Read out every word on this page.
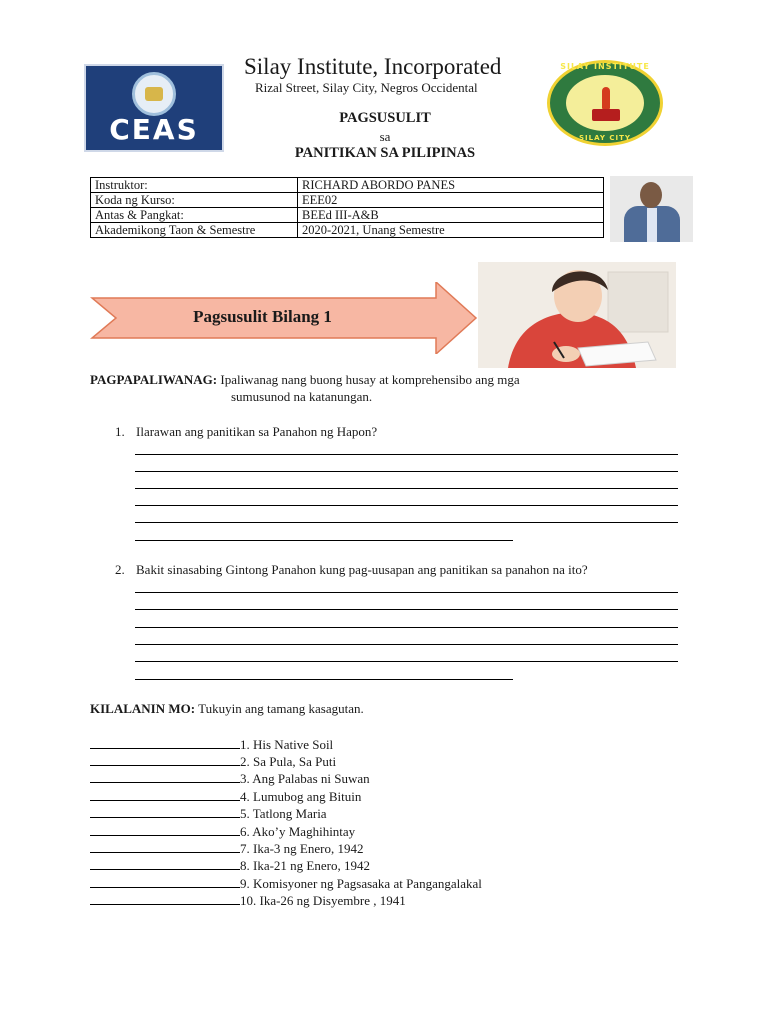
CEAS
Silay Institute, Incorporated
Rizal Street, Silay City, Negros Occidental
PAGSUSULIT
sa
PANITIKAN SA PILIPINAS
SILAY INSTITUTE
SILAY CITY
Instruktor:	RICHARD ABORDO PANES
Koda ng Kurso:	EEE02
Antas & Pangkat:	BEEd III-A&B
Akademikong Taon & Semestre	2020-2021, Unang Semestre
Pagsusulit Bilang 1
PAGPAPALIWANAG: Ipaliwanag nang buong husay at komprehensibo ang mga
sumusunod na katanungan.
1. Ilarawan ang panitikan sa Panahon ng Hapon?
2. Bakit sinasabing Gintong Panahon kung pag-uusapan ang panitikan sa panahon na ito?
KILALANIN MO: Tukuyin ang tamang kasagutan.
1. His Native Soil
2. Sa Pula, Sa Puti
3. Ang Palabas ni Suwan
4. Lumubog ang Bituin
5. Tatlong Maria
6. Ako’y Maghihintay
7. Ika-3 ng Enero, 1942
8. Ika-21 ng Enero, 1942
9. Komisyoner ng Pagsasaka at Pangangalakal
10. Ika-26 ng Disyembre , 1941
